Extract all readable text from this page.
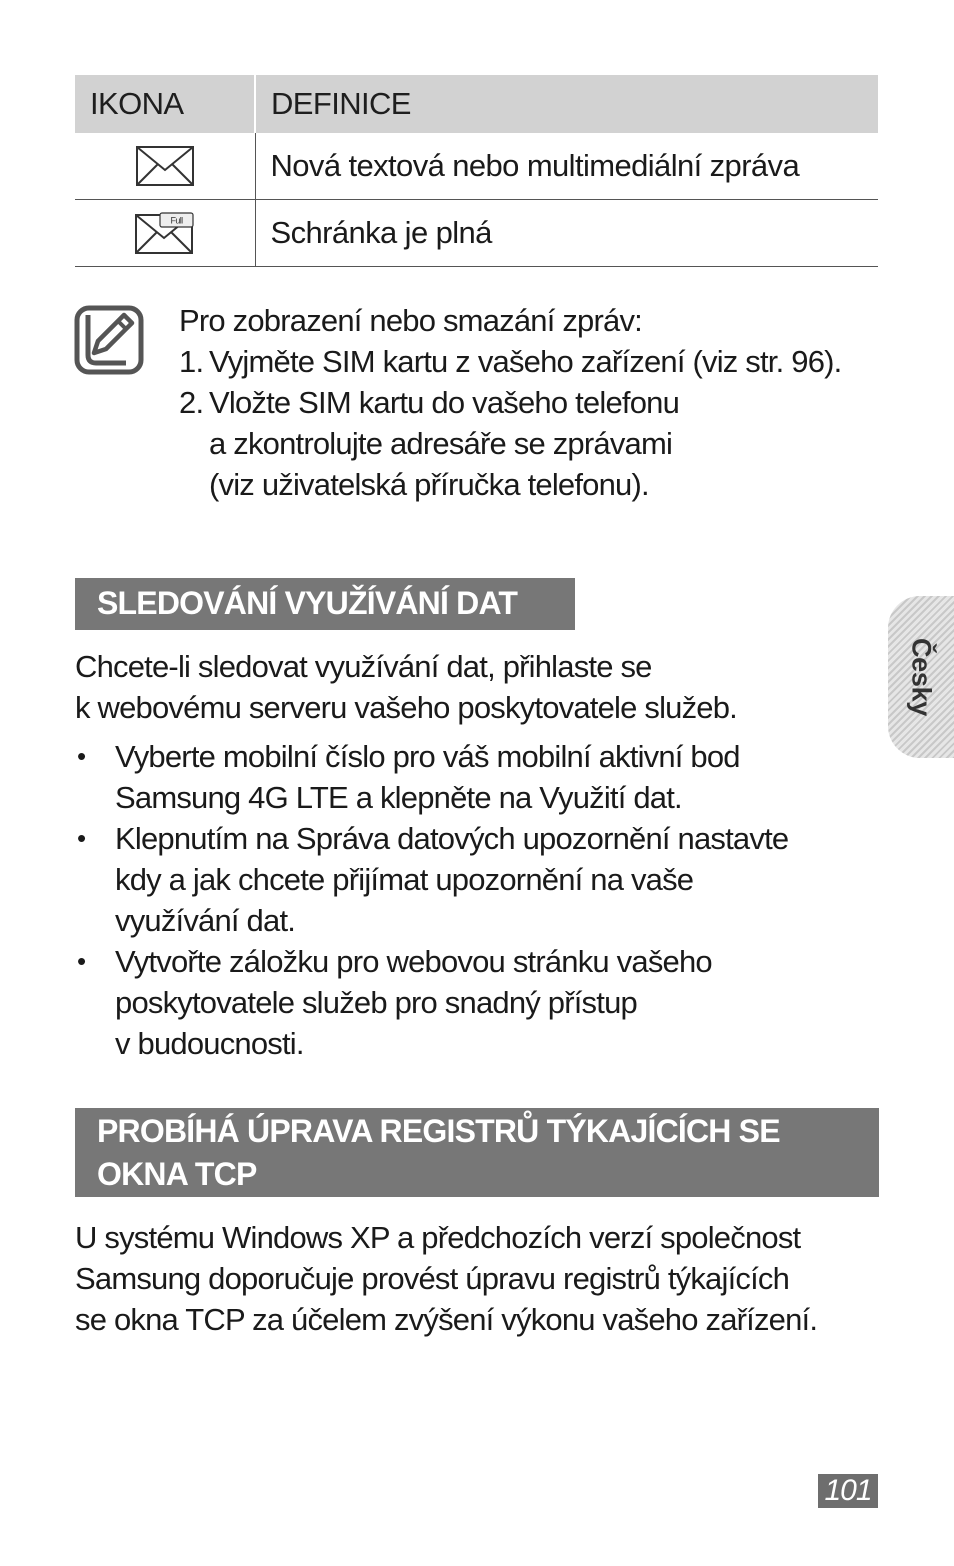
IKONA	DEFINICE

	Nová textová nebo multimediální zpráva

Full	Schránka je plná
Pro zobrazení nebo smazání zpráv:
1. Vyjměte SIM kartu z vašeho zařízení (viz str. 96).
2. Vložte SIM kartu do vašeho telefonu
a zkontrolujte adresáře se zprávami
(viz uživatelská příručka telefonu).
SLEDOVÁNÍ VYUŽÍVÁNÍ DAT
Chcete-li sledovat využívání dat, přihlaste se
k webovému serveru vašeho poskytovatele služeb.
• Vyberte mobilní číslo pro váš mobilní aktivní bod
Samsung 4G LTE a klepněte na Využití dat.
• Klepnutím na Správa datových upozornění nastavte
kdy a jak chcete přijímat upozornění na vaše
využívání dat.
• Vytvořte záložku pro webovou stránku vašeho
poskytovatele služeb pro snadný přístup
v budoucnosti.
PROBÍHÁ ÚPRAVA REGISTRŮ TÝKAJÍCÍCH SE
OKNA TCP
U systému Windows XP a předchozích verzí společnost
Samsung doporučuje provést úpravu registrů týkajících
se okna TCP za účelem zvýšení výkonu vašeho zařízení.
Česky
101
